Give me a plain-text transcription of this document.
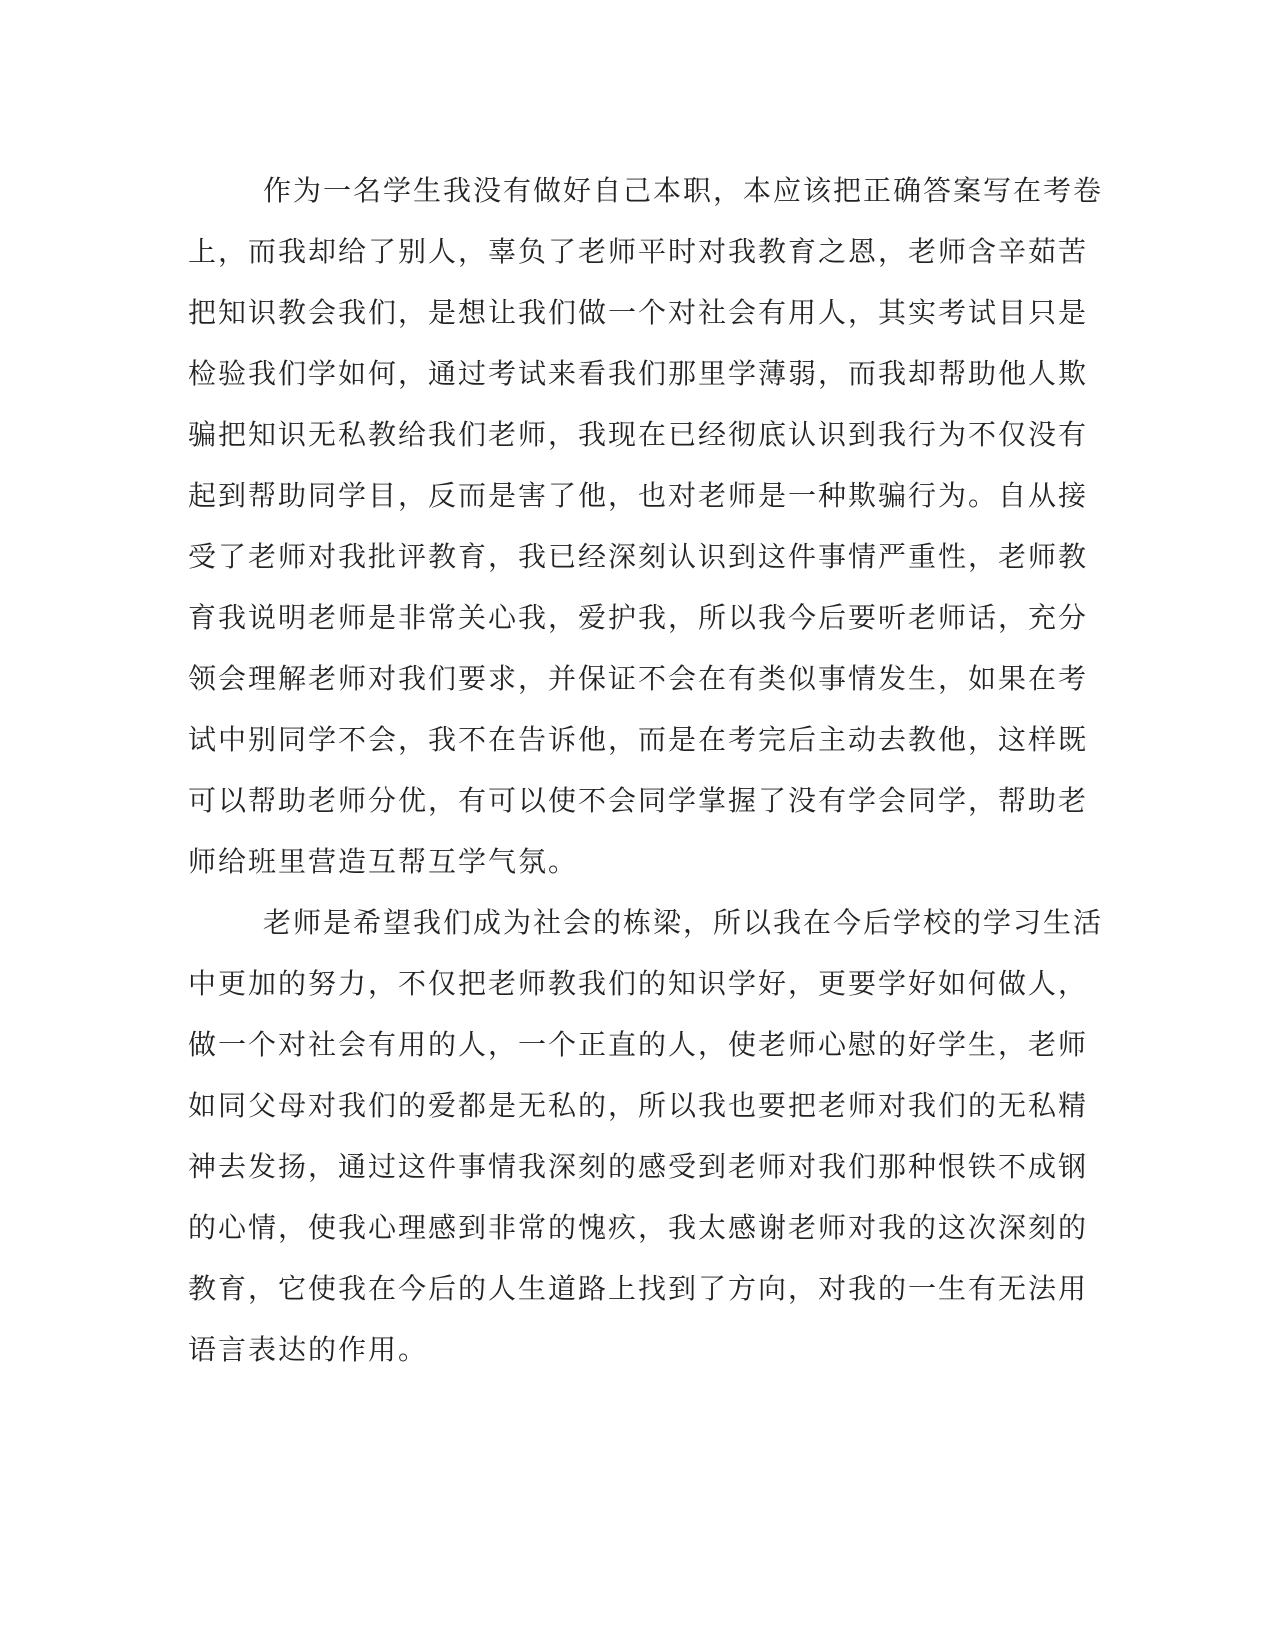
作为一名学生我没有做好自己本职，本应该把正确答案写在考卷
上，而我却给了别人，辜负了老师平时对我教育之恩，老师含辛茹苦
把知识教会我们，是想让我们做一个对社会有用人，其实考试目只是
检验我们学如何，通过考试来看我们那里学薄弱，而我却帮助他人欺
骗把知识无私教给我们老师，我现在已经彻底认识到我行为不仅没有
起到帮助同学目，反而是害了他，也对老师是一种欺骗行为。自从接
受了老师对我批评教育，我已经深刻认识到这件事情严重性，老师教
育我说明老师是非常关心我，爱护我，所以我今后要听老师话，充分
领会理解老师对我们要求，并保证不会在有类似事情发生，如果在考
试中别同学不会，我不在告诉他，而是在考完后主动去教他，这样既
可以帮助老师分优，有可以使不会同学掌握了没有学会同学，帮助老
师给班里营造互帮互学气氛。
老师是希望我们成为社会的栋梁，所以我在今后学校的学习生活
中更加的努力，不仅把老师教我们的知识学好，更要学好如何做人，
做一个对社会有用的人，一个正直的人，使老师心慰的好学生，老师
如同父母对我们的爱都是无私的，所以我也要把老师对我们的无私精
神去发扬，通过这件事情我深刻的感受到老师对我们那种恨铁不成钢
的心情，使我心理感到非常的愧疚，我太感谢老师对我的这次深刻的
教育，它使我在今后的人生道路上找到了方向，对我的一生有无法用
语言表达的作用。
